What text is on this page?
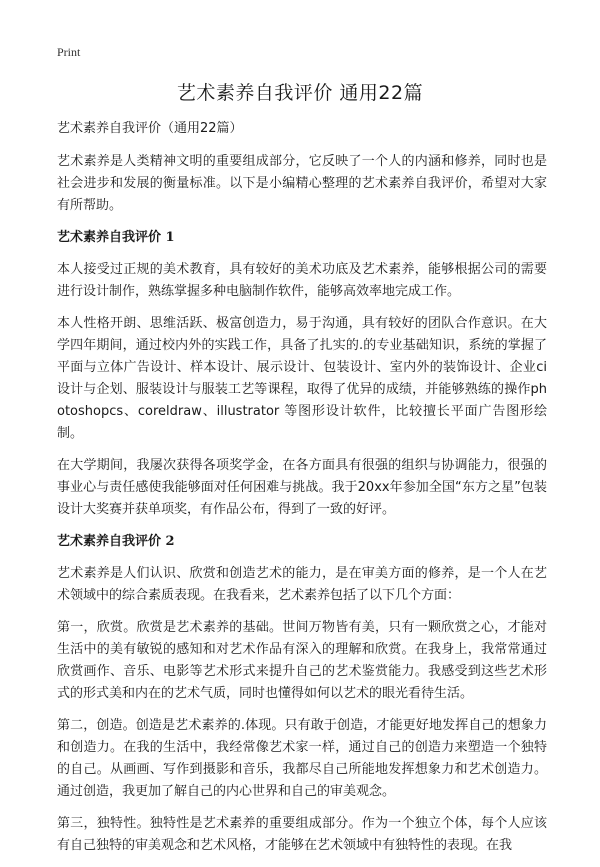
Print
艺术素养自我评价 通用22篇

艺术素养自我评价（通用22篇）

艺术素养是人类精神文明的重要组成部分，它反映了一个人的内涵和修养，同时也是社会进步和发展的衡量标准。以下是小编精心整理的艺术素养自我评价，希望对大家有所帮助。

艺术素养自我评价 1

本人接受过正规的美术教育，具有较好的美术功底及艺术素养，能够根据公司的需要进行设计制作，熟练掌握多种电脑制作软件，能够高效率地完成工作。

本人性格开朗、思维活跃、极富创造力，易于沟通，具有较好的团队合作意识。在大学四年期间，通过校内外的实践工作，具备了扎实的.的专业基础知识，系统的掌握了平面与立体广告设计、样本设计、展示设计、包装设计、室内外的装饰设计、企业ci设计与企划、服装设计与服装工艺等课程，取得了优异的成绩，并能够熟练的操作photoshopcs、coreldraw、illustrator 等图形设计软件，比较擅长平面广告图形绘制。

在大学期间，我屡次获得各项奖学金，在各方面具有很强的组织与协调能力，很强的事业心与责任感使我能够面对任何困难与挑战。我于20xx年参加全国“东方之星”包装设计大奖赛并获单项奖，有作品公布，得到了一致的好评。

艺术素养自我评价 2

艺术素养是人们认识、欣赏和创造艺术的能力，是在审美方面的修养，是一个人在艺术领域中的综合素质表现。在我看来，艺术素养包括了以下几个方面：

第一，欣赏。欣赏是艺术素养的基础。世间万物皆有美，只有一颗欣赏之心，才能对生活中的美有敏锐的感知和对艺术作品有深入的理解和欣赏。在我身上，我常常通过欣赏画作、音乐、电影等艺术形式来提升自己的艺术鉴赏能力。我感受到这些艺术形式的形式美和内在的艺术气质，同时也懂得如何以艺术的眼光看待生活。

第二，创造。创造是艺术素养的.体现。只有敢于创造，才能更好地发挥自己的想象力和创造力。在我的生活中，我经常像艺术家一样，通过自己的创造力来塑造一个独特的自己。从画画、写作到摄影和音乐，我都尽自己所能地发挥想象力和艺术创造力。通过创造，我更加了解自己的内心世界和自己的审美观念。

第三，独特性。独特性是艺术素养的重要组成部分。作为一个独立个体，每个人应该有自己独特的审美观念和艺术风格，才能够在艺术领域中有独特性的表现。在我
